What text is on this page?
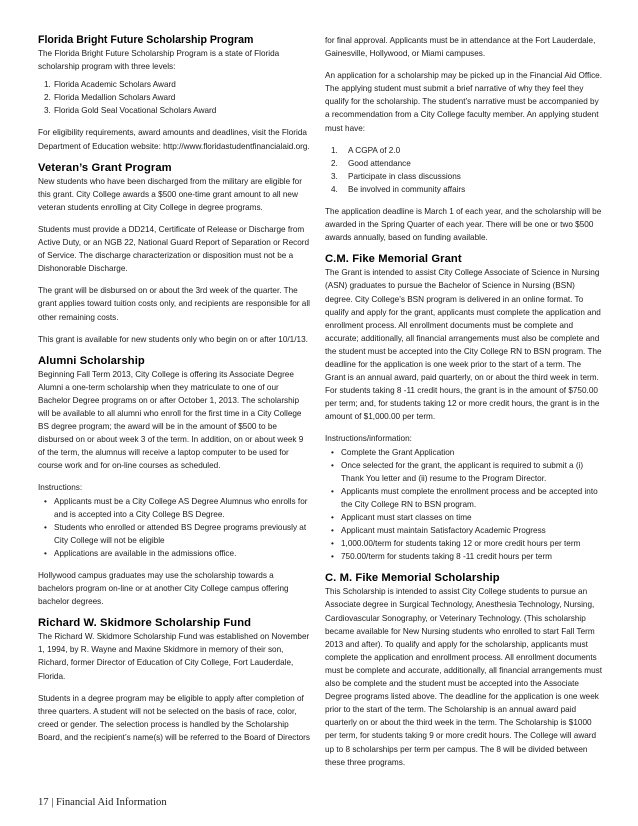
Florida Bright Future Scholarship Program

The Florida Bright Future Scholarship Program is a state of Florida scholarship program with three levels:

1. Florida Academic Scholars Award
2. Florida Medallion Scholars Award
3. Florida Gold Seal Vocational Scholars Award

For eligibility requirements, award amounts and deadlines, visit the Florida Department of Education website: http://www.floridastudentfinancialaid.org.

Veteran’s Grant Program

New students who have been discharged from the military are eligible for this grant. City College awards a $500 one-time grant amount to all new veteran students enrolling at City College in degree programs.

Students must provide a DD214, Certificate of Release or Discharge from Active Duty, or an NGB 22, National Guard Report of Separation or Record of Service. The discharge characterization or disposition must not be a Dishonorable Discharge.

The grant will be disbursed on or about the 3rd week of the quarter. The grant applies toward tuition costs only, and recipients are responsible for all other remaining costs.

This grant is available for new students only who begin on or after 10/1/13.

Alumni Scholarship

Beginning Fall Term 2013, City College is offering its Associate Degree Alumni a one-term scholarship when they matriculate to one of our Bachelor Degree programs on or after October 1, 2013. The scholarship will be available to all alumni who enroll for the first time in a City College BS degree program; the award will be in the amount of $500 to be disbursed on or about week 3 of the term. In addition, on or about week 9 of the term, the alumnus will receive a laptop computer to be used for course work and for on-line courses as scheduled.

Instructions:
• Applicants must be a City College AS Degree Alumnus who enrolls for and is accepted into a City College BS Degree.
• Students who enrolled or attended BS Degree programs previously at City College will not be eligible
• Applications are available in the admissions office.

Hollywood campus graduates may use the scholarship towards a bachelors program on-line or at another City College campus offering bachelor degrees.

Richard W. Skidmore Scholarship Fund

The Richard W. Skidmore Scholarship Fund was established on November 1, 1994, by R. Wayne and Maxine Skidmore in memory of their son, Richard, former Director of Education of City College, Fort Lauderdale, Florida.

Students in a degree program may be eligible to apply after completion of three quarters. A student will not be selected on the basis of race, color, creed or gender. The selection process is handled by the Scholarship Board, and the recipient’s name(s) will be referred to the Board of Directors

for final approval. Applicants must be in attendance at the Fort Lauderdale, Gainesville, Hollywood, or Miami campuses.

An application for a scholarship may be picked up in the Financial Aid Office. The applying student must submit a brief narrative of why they feel they qualify for the scholarship. The student’s narrative must be accompanied by a recommendation from a City College faculty member. An applying student must have:

1. A CGPA of 2.0
2. Good attendance
3. Participate in class discussions
4. Be involved in community affairs

The application deadline is March 1 of each year, and the scholarship will be awarded in the Spring Quarter of each year. There will be one or two $500 awards annually, based on funding available.

C.M. Fike Memorial Grant

The Grant is intended to assist City College Associate of Science in Nursing (ASN) graduates to pursue the Bachelor of Science in Nursing (BSN) degree. City College’s BSN program is delivered in an online format. To qualify and apply for the grant, applicants must complete the application and enrollment process. All enrollment documents must be complete and accurate; additionally, all financial arrangements must also be complete and the student must be accepted into the City College RN to BSN program. The deadline for the application is one week prior to the start of a term. The Grant is an annual award, paid quarterly, on or about the third week in term. For students taking 8 -11 credit hours, the grant is in the amount of $750.00 per term; and, for students taking 12 or more credit hours, the grant is in the amount of $1,000.00 per term.

Instructions/information:
• Complete the Grant Application
• Once selected for the grant, the applicant is required to submit a (i) Thank You letter and (ii) resume to the Program Director.
• Applicants must complete the enrollment process and be accepted into the City College RN to BSN program.
• Applicant must start classes on time
• Applicant must maintain Satisfactory Academic Progress
• 1,000.00/term for students taking 12 or more credit hours per term
• 750.00/term for students taking 8 -11 credit hours per term
C. M. Fike Memorial Scholarship

This Scholarship is intended to assist City College students to pursue an Associate degree in Surgical Technology, Anesthesia Technology, Nursing, Cardiovascular Sonography, or Veterinary Technology. (This scholarship became available for New Nursing students who enrolled to start Fall Term 2013 and after). To qualify and apply for the scholarship, applicants must complete the application and enrollment process. All enrollment documents must be complete and accurate, additionally, all financial arrangements must also be complete and the student must be accepted into the Associate Degree programs listed above. The deadline for the application is one week prior to the start of the term. The Scholarship is an annual award paid quarterly on or about the third week in the term. The Scholarship is $1000 per term, for students taking 9 or more credit hours. The College will award up to 8 scholarships per term per campus. The 8 will be divided between these three programs.

17 | Financial Aid Information
